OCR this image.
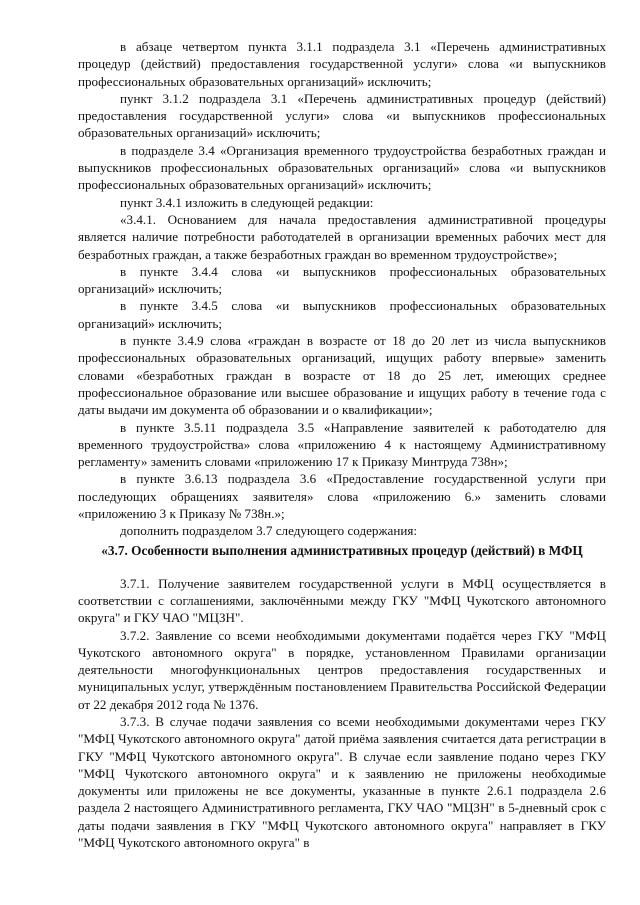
в абзаце четвертом пункта 3.1.1 подраздела 3.1 «Перечень административных процедур (действий) предоставления государственной услуги» слова «и выпускников профессиональных образовательных организаций» исключить;

пункт 3.1.2 подраздела 3.1 «Перечень административных процедур (действий) предоставления государственной услуги» слова «и выпускников профессиональных образовательных организаций» исключить;

в подразделе 3.4 «Организация временного трудоустройства безработных граждан и выпускников профессиональных образовательных организаций» слова «и выпускников профессиональных образовательных организаций» исключить;

пункт 3.4.1 изложить в следующей редакции:

«3.4.1. Основанием для начала предоставления административной процедуры является наличие потребности работодателей в организации временных рабочих мест для безработных граждан, а также безработных граждан во временном трудоустройстве»;

в пункте 3.4.4 слова «и выпускников профессиональных образовательных организаций» исключить;

в пункте 3.4.5 слова «и выпускников профессиональных образовательных организаций» исключить;

в пункте 3.4.9 слова «граждан в возрасте от 18 до 20 лет из числа выпускников профессиональных образовательных организаций, ищущих работу впервые» заменить словами «безработных граждан в возрасте от 18 до 25 лет, имеющих среднее профессиональное образование или высшее образование и ищущих работу в течение года с даты выдачи им документа об образовании и о квалификации»;

в пункте 3.5.11 подраздела 3.5 «Направление заявителей к работодателю для временного трудоустройства» слова «приложению 4 к настоящему Административному регламенту» заменить словами «приложению 17 к Приказу Минтруда 738н»;

в пункте 3.6.13 подраздела 3.6 «Предоставление государственной услуги при последующих обращениях заявителя» слова «приложению 6.» заменить словами «приложению 3 к Приказу № 738н.»;

дополнить подразделом 3.7 следующего содержания:

«3.7. Особенности выполнения административных процедур (действий) в МФЦ

3.7.1. Получение заявителем государственной услуги в МФЦ осуществляется в соответствии с соглашениями, заключёнными между ГКУ "МФЦ Чукотского автономного округа" и ГКУ ЧАО "МЦЗН".

3.7.2. Заявление со всеми необходимыми документами подаётся через ГКУ "МФЦ Чукотского автономного округа" в порядке, установленном Правилами организации деятельности многофункциональных центров предоставления государственных и муниципальных услуг, утверждённым постановлением Правительства Российской Федерации от 22 декабря 2012 года № 1376.

3.7.3. В случае подачи заявления со всеми необходимыми документами через ГКУ "МФЦ Чукотского автономного округа" датой приёма заявления считается дата регистрации в ГКУ "МФЦ Чукотского автономного округа". В случае если заявление подано через ГКУ "МФЦ Чукотского автономного округа" и к заявлению не приложены необходимые документы или приложены не все документы, указанные в пункте 2.6.1 подраздела 2.6 раздела 2 настоящего Административного регламента, ГКУ ЧАО "МЦЗН" в 5-дневный срок с даты подачи заявления в ГКУ "МФЦ Чукотского автономного округа" направляет в ГКУ "МФЦ Чукотского автономного округа" в
